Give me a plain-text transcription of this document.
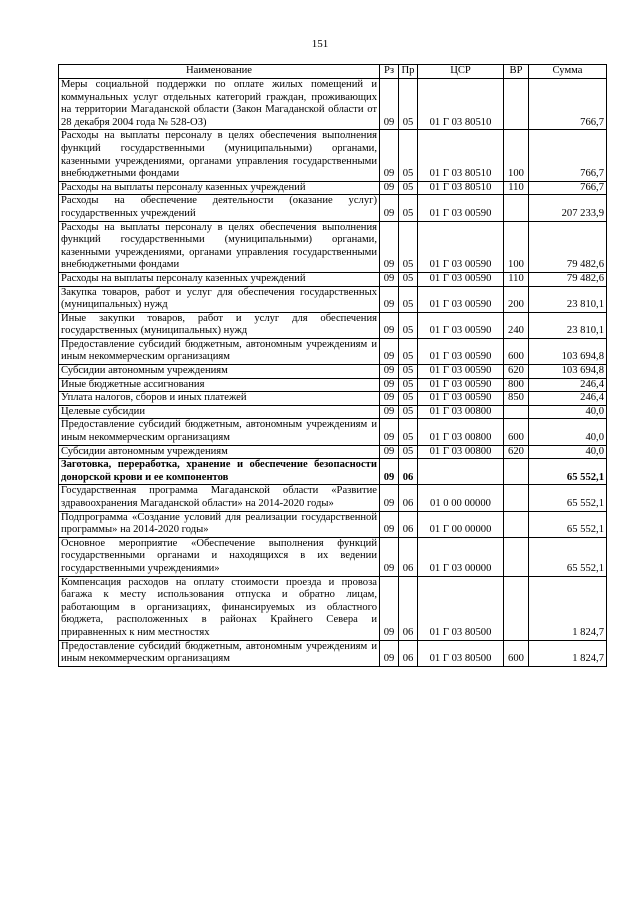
151
Наименование	Рз	Пр	ЦСР	ВР	Сумма
Меры социальной поддержки по оплате жилых помещений и коммунальных услуг отдельных категорий граждан, проживающих на территории Магаданской области (Закон Магаданской области от 28 декабря 2004 года № 528-ОЗ)	09	05	01 Г 03 80510		766,7
Расходы на выплаты персоналу в целях обеспечения выполнения функций государственными (муниципальными) органами, казенными учреждениями, органами управления государственными внебюджетными фондами	09	05	01 Г 03 80510	100	766,7
Расходы на выплаты персоналу казенных учреждений	09	05	01 Г 03 80510	110	766,7
Расходы на обеспечение деятельности (оказание услуг) государственных учреждений	09	05	01 Г 03 00590		207 233,9
Расходы на выплаты персоналу в целях обеспечения выполнения функций государственными (муниципальными) органами, казенными учреждениями, органами управления государственными внебюджетными фондами	09	05	01 Г 03 00590	100	79 482,6
Расходы на выплаты персоналу казенных учреждений	09	05	01 Г 03 00590	110	79 482,6
Закупка товаров, работ и услуг для обеспечения государственных (муниципальных) нужд	09	05	01 Г 03 00590	200	23 810,1
Иные закупки товаров, работ и услуг для обеспечения государственных (муниципальных) нужд	09	05	01 Г 03 00590	240	23 810,1
Предоставление субсидий бюджетным, автономным учреждениям и иным некоммерческим организациям	09	05	01 Г 03 00590	600	103 694,8
Субсидии автономным учреждениям	09	05	01 Г 03 00590	620	103 694,8
Иные бюджетные ассигнования	09	05	01 Г 03 00590	800	246,4
Уплата налогов, сборов и иных платежей	09	05	01 Г 03 00590	850	246,4
Целевые субсидии	09	05	01 Г 03 00800		40,0
Предоставление субсидий бюджетным, автономным учреждениям и иным некоммерческим организациям	09	05	01 Г 03 00800	600	40,0
Субсидии автономным учреждениям	09	05	01 Г 03 00800	620	40,0
Заготовка, переработка, хранение и обеспечение безопасности донорской крови и ее компонентов	09	06			65 552,1
Государственная программа Магаданской области «Развитие здравоохранения Магаданской области» на 2014-2020 годы»	09	06	01 0 00 00000		65 552,1
Подпрограмма «Создание условий для реализации государственной программы» на 2014-2020 годы»	09	06	01 Г 00 00000		65 552,1
Основное мероприятие «Обеспечение выполнения функций государственными органами и находящихся в их ведении государственными учреждениями»	09	06	01 Г 03 00000		65 552,1
Компенсация расходов на оплату стоимости проезда и провоза багажа к месту использования отпуска и обратно лицам, работающим в организациях, финансируемых из областного бюджета, расположенных в районах Крайнего Севера и приравненных к ним местностях	09	06	01 Г 03 80500		1 824,7
Предоставление субсидий бюджетным, автономным учреждениям и иным некоммерческим организациям	09	06	01 Г 03 80500	600	1 824,7
